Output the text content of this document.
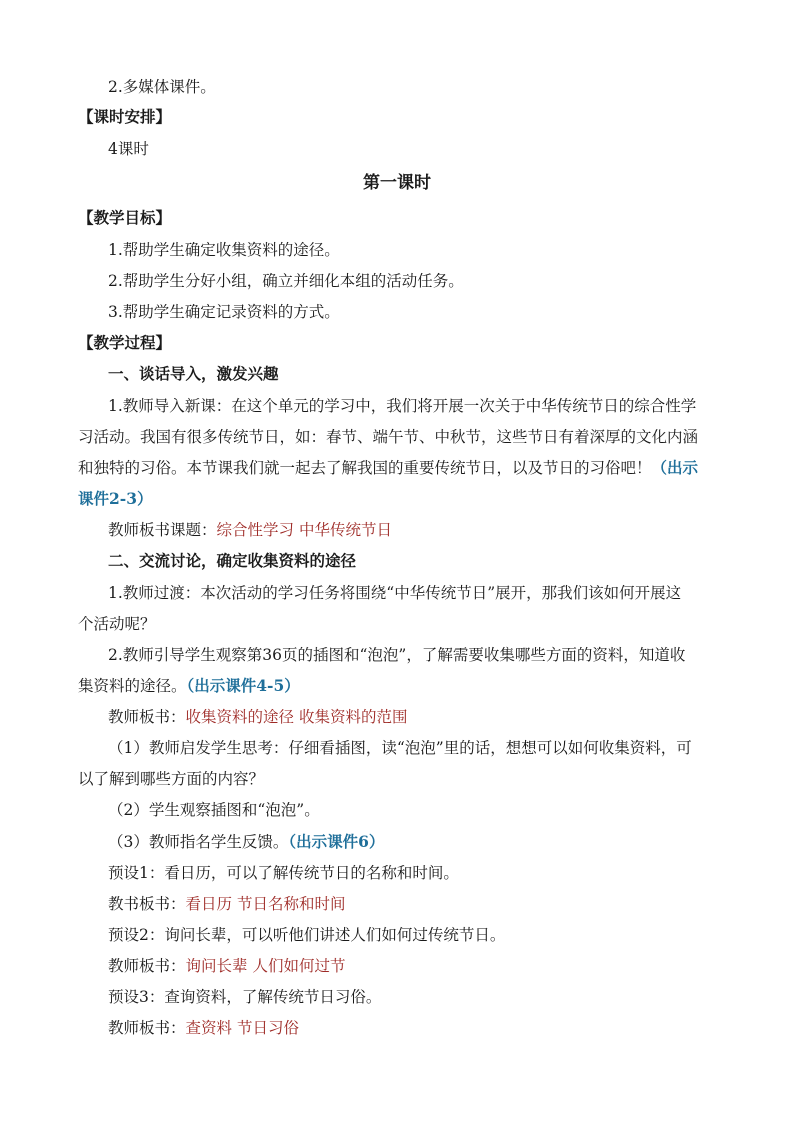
2.多媒体课件。
【课时安排】
4课时
第一课时
【教学目标】
1.帮助学生确定收集资料的途径。
2.帮助学生分好小组，确立并细化本组的活动任务。
3.帮助学生确定记录资料的方式。
【教学过程】
一、谈话导入，激发兴趣
1.教师导入新课：在这个单元的学习中，我们将开展一次关于中华传统节日的综合性学
习活动。我国有很多传统节日，如：春节、端午节、中秋节，这些节日有着深厚的文化内涵
和独特的习俗。本节课我们就一起去了解我国的重要传统节日，以及节日的习俗吧！（出示
课件2-3）
教师板书课题：综合性学习 中华传统节日
二、交流讨论，确定收集资料的途径
1.教师过渡：本次活动的学习任务将围绕“中华传统节日”展开，那我们该如何开展这
个活动呢？
2.教师引导学生观察第36页的插图和“泡泡”，了解需要收集哪些方面的资料，知道收
集资料的途径。（出示课件4-5）
教师板书：收集资料的途径 收集资料的范围
（1）教师启发学生思考：仔细看插图，读“泡泡”里的话，想想可以如何收集资料，可
以了解到哪些方面的内容？
（2）学生观察插图和“泡泡”。
（3）教师指名学生反馈。（出示课件6）
预设1：看日历，可以了解传统节日的名称和时间。
教书板书：看日历 节日名称和时间
预设2：询问长辈，可以听他们讲述人们如何过传统节日。
教师板书：询问长辈 人们如何过节
预设3：查询资料，了解传统节日习俗。
教师板书：查资料 节日习俗
